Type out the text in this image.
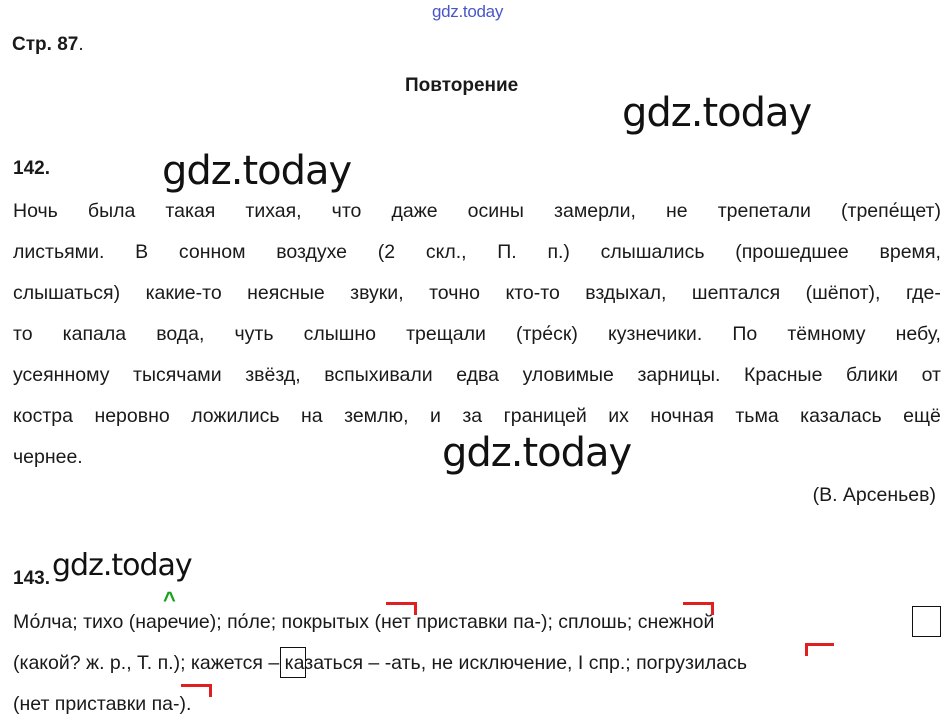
gdz.today
Стр. 87.
Повторение
gdz.today
gdz.today
gdz.today
142.
Ночь была такая тихая, что даже осины замерли, не трепетали (трепе́щет)
листьями. В сонном воздухе (2 скл., П. п.) слышались (прошедшее время,
слышаться) какие-то неясные звуки, точно кто-то вздыхал, шептался (шёпот), где-
то капала вода, чуть слышно трещали (тре́ск) кузнечики. По тёмному небу,
усеянному тысячами звёзд, вспыхивали едва уловимые зарницы. Красные блики от
костра неровно ложились на землю, и за границей их ночная тьма казалась ещё
чернее.
(В. Арсеньев)
143. gdz.today
Мо́лча; тихо (наречие); по́ле; покрытых (нет приставки па-); сплошь; снежной
(какой? ж. р., Т. п.); кажется – казаться – -ать, не исключение, I спр.; погрузилась
(нет приставки па-).
^
